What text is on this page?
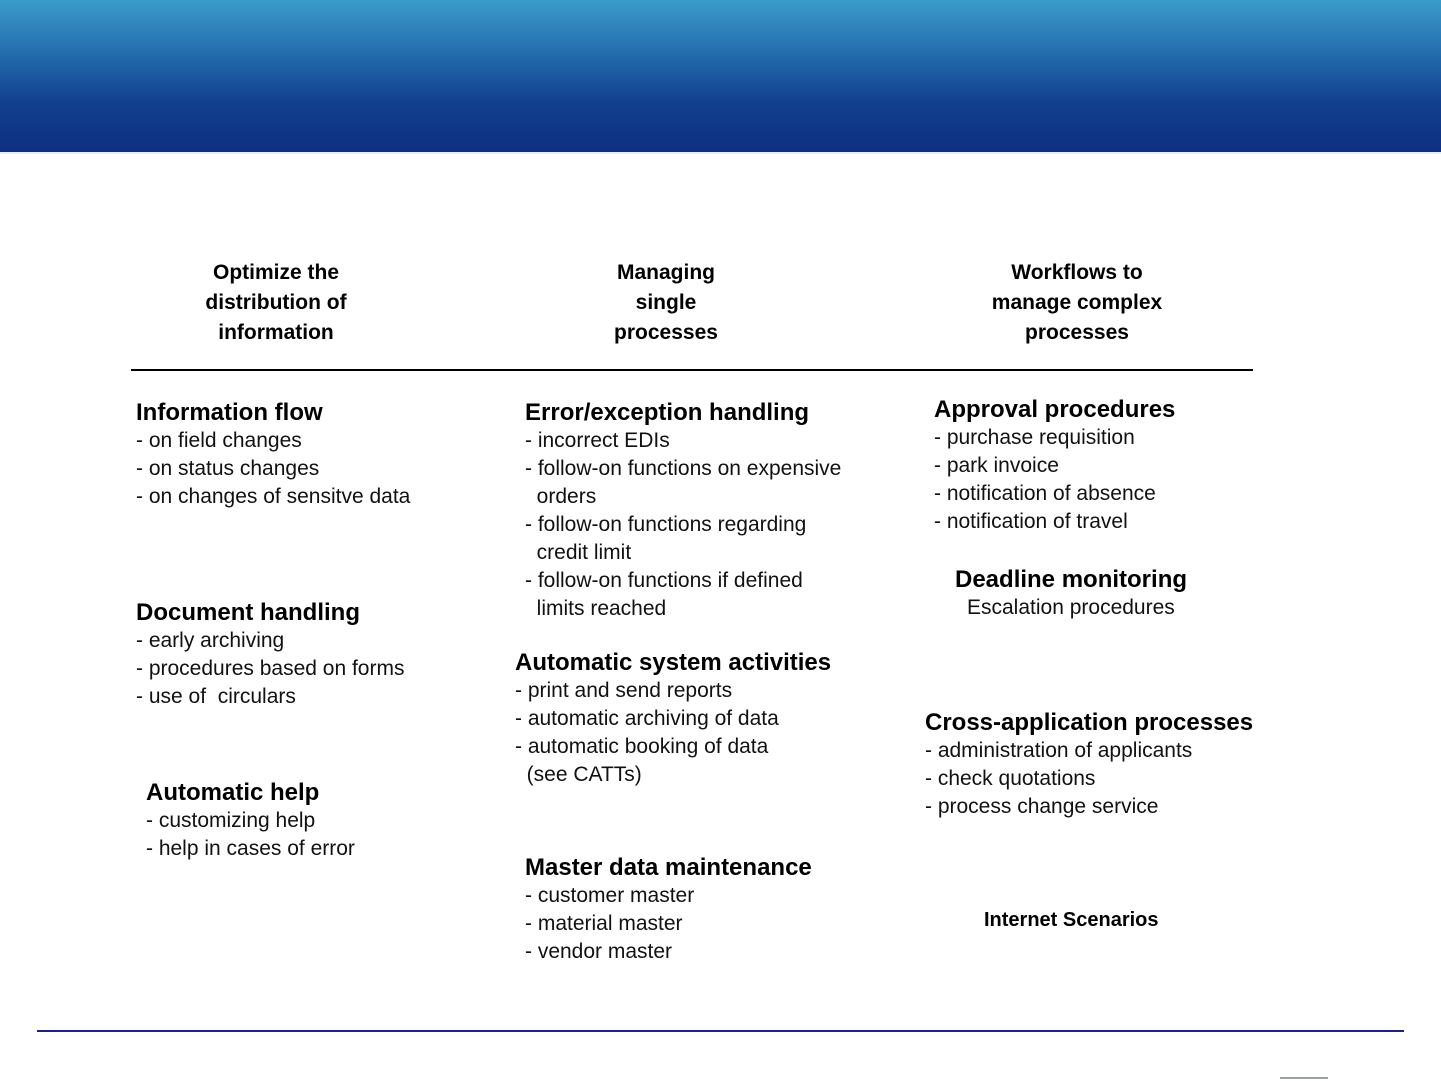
Optimize the
distribution of
information
Managing
single
processes
Workflows to
manage complex
processes
Information flow
- on field changes
- on status changes
- on changes of sensitve data
Document handling
- early archiving
- procedures based on forms
- use of  circulars
Automatic help
- customizing help
- help in cases of error
Error/exception handling
- incorrect EDIs
- follow-on functions on expensive
orders
- follow-on functions regarding
credit limit
- follow-on functions if defined
limits reached
Automatic system activities
- print and send reports
- automatic archiving of data
- automatic booking of data
(see CATTs)
Master data maintenance
- customer master
- material master
- vendor master
Approval procedures
- purchase requisition
- park invoice
- notification of absence
- notification of travel
Deadline monitoring
Escalation procedures
Cross-application processes
- administration of applicants
- check quotations
- process change service
Internet Scenarios
